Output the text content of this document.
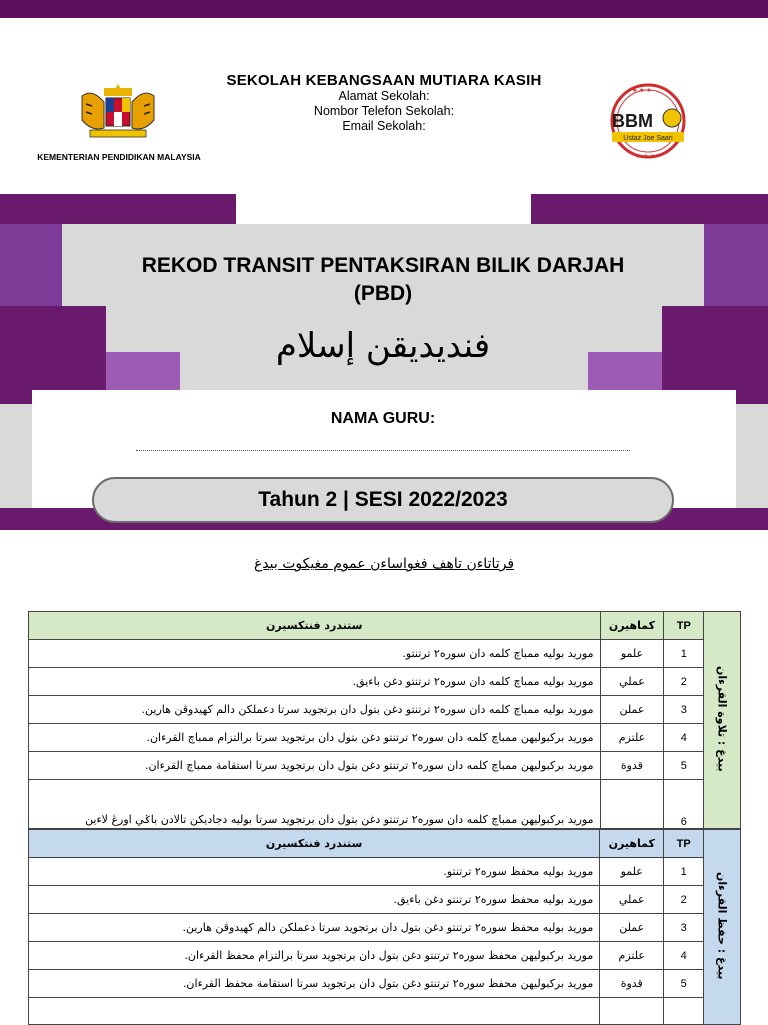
KEMENTERIAN PENDIDIKAN MALAYSIA
SEKOLAH KEBANGSAAN MUTIARA KASIH
Alamat Sekolah:
Nombor Telefon Sekolah:
Email Sekolah:
★ ★ ★
★ ★ ★
BBM
Ustaz Joe Saari
REKOD TRANSIT PENTAKSIRAN BILIK DARJAH
(PBD)
فنديديقن إسلام
NAMA GURU:
Tahun 2 | SESI 2022/2023
فرتاتاءن تاهف فغواساءن عموم مغيكوت بيدغ
ستندرد فنتكسيرن	كماهيرن	TP	بيدغ : تلاوة القرءان
موريد بوليه ممباچ كلمه دان سوره٢ ترتنتو.	علمو	1	
موريد بوليه ممباچ كلمه دان سوره٢ ترتنتو دغن باءيق.	عملي	2	
موريد بوليه ممباچ كلمه دان سوره٢ ترتنتو دغن بتول دان برتجويد سرتا دعملكن دالم كهيدوڤن هارين.	عملن	3	
موريد بركبوليهن ممباچ كلمه دان سوره٢ ترتنتو دغن بتول دان برتجويد سرتا برالتزام ممباچ القرءان.	علتزم	4	
موريد بركبوليهن ممباچ كلمه دان سوره٢ ترتنتو دغن بتول دان برتجويد سرتا استقامة ممباچ القرءان.	قدوة	5	
موريد بركبوليهن ممباچ كلمه دان سوره٢ ترتنتو دغن بتول دان برتجويد سرتا بوليه دجاديكن تالادن باݢي اورڠ لاءين		6	
ستندرد فنتكسيرن	كماهيرن	TP	بيدغ : حفظ القرءان
موريد بوليه محفظ سوره٢ ترتنتو.	علمو	1	
موريد بوليه محفظ سوره٢ ترتنتو دغن باءيق.	عملي	2	
موريد بوليه محفظ سوره٢ ترتنتو دغن بتول دان برتجويد سرتا دعملكن دالم كهيدوڤن هارين.	عملن	3	
موريد بركبوليهن محفظ سوره٢ ترتنتو دغن بتول دان برتجويد سرتا برالتزام محفظ القرءان.	علتزم	4	
موريد بركبوليهن محفظ سوره٢ ترتنتو دغن بتول دان برتجويد سرتا استقامة محفظ القرءان.	قدوة	5	
